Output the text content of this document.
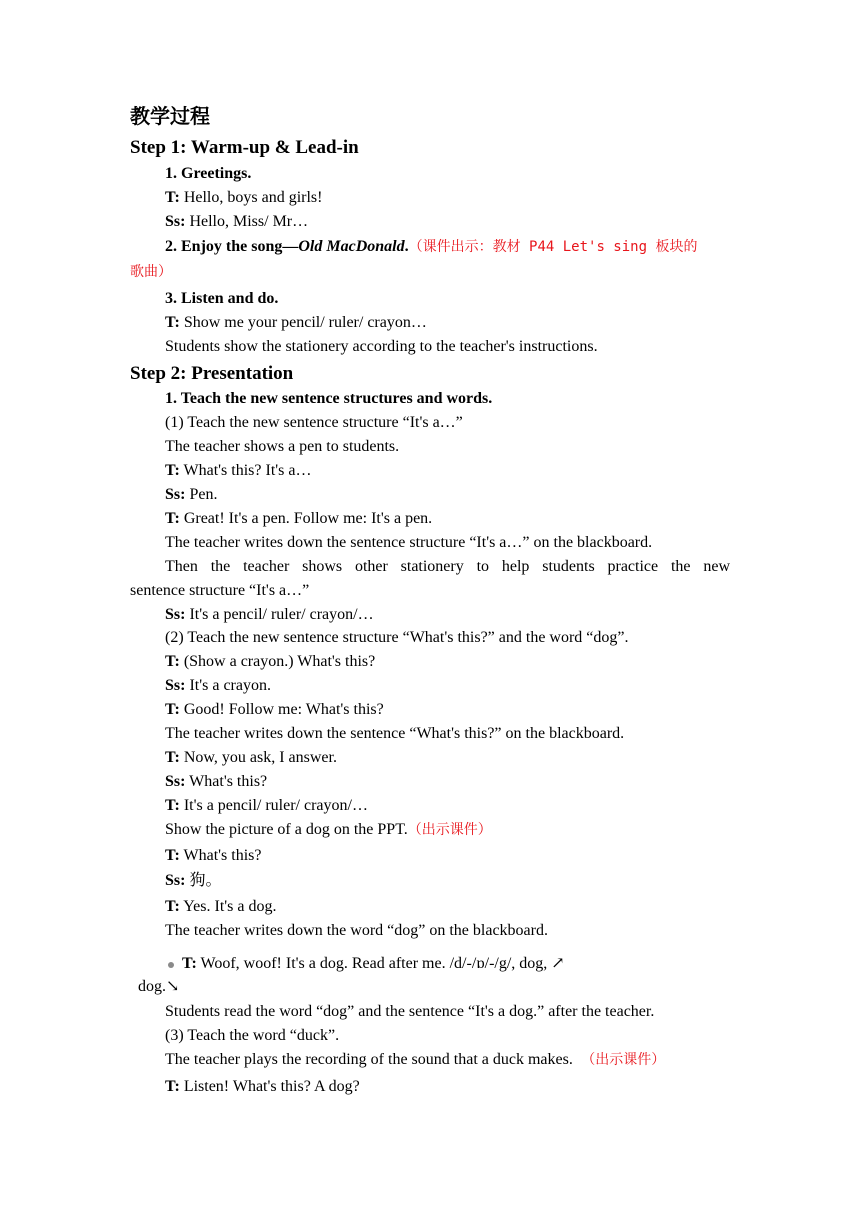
教学过程
Step 1: Warm-up & Lead-in
1. Greetings.
T: Hello, boys and girls!
Ss: Hello, Miss/ Mr…
2. Enjoy the song—Old MacDonald.（课件出示：教材 P44 Let's sing 板块的
歌曲）
3. Listen and do.
T: Show me your pencil/ ruler/ crayon…
Students show the stationery according to the teacher's instructions.
Step 2: Presentation
1. Teach the new sentence structures and words.
(1) Teach the new sentence structure “It's a…”
The teacher shows a pen to students.
T: What's this? It's a…
Ss: Pen.
T: Great! It's a pen. Follow me: It's a pen.
The teacher writes down the sentence structure “It's a…” on the blackboard.
Then the teacher shows other stationery to help students practice the new
sentence structure “It's a…”
Ss: It's a pencil/ ruler/ crayon/…
(2) Teach the new sentence structure “What's this?” and the word “dog”.
T: (Show a crayon.) What's this?
Ss: It's a crayon.
T: Good! Follow me: What's this?
The teacher writes down the sentence “What's this?” on the blackboard.
T: Now, you ask, I answer.
Ss: What's this?
T: It's a pencil/ ruler/ crayon/…
Show the picture of a dog on the PPT.（出示课件）
T: What's this?
Ss: 狗。
T: Yes. It's a dog.
The teacher writes down the word “dog” on the blackboard.
T: Woof, woof! It's a dog. Read after me. /d/-/ɒ/-/g/, dog, ↗
dog.↘
Students read the word “dog” and the sentence “It's a dog.” after the teacher.
(3) Teach the word “duck”.
The teacher plays the recording of the sound that a duck makes. （出示课件）
T: Listen! What's this? A dog?
